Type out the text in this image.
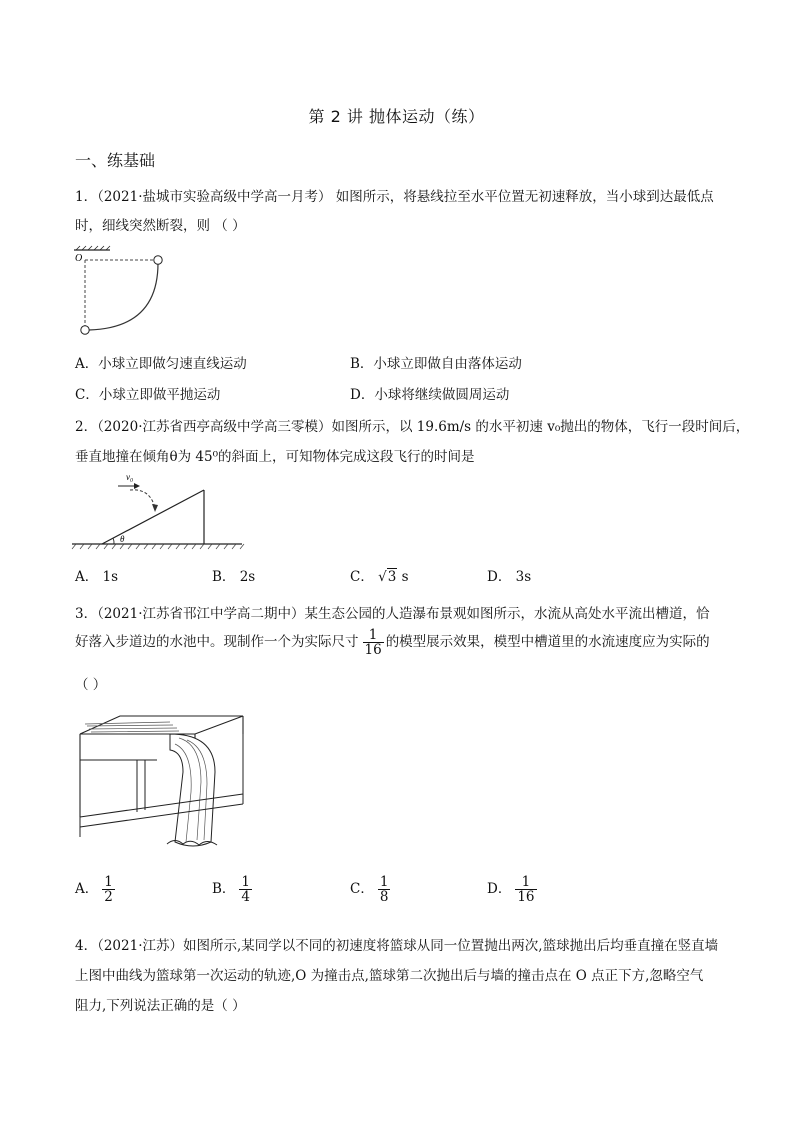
第 2 讲 抛体运动（练）
一、练基础
1．（2021·盐城市实验高级中学高一月考） 如图所示，将悬线拉至水平位置无初速释放，当小球到达最低点
时，细线突然断裂，则 （ ）
O
A．小球立即做匀速直线运动	B．小球立即做自由落体运动
C．小球立即做平抛运动	D．小球将继续做圆周运动
2．（2020·江苏省西亭高级中学高三零模）如图所示，以 19.6m/s 的水平初速 v₀抛出的物体，飞行一段时间后，
垂直地撞在倾角θ为 45⁰的斜面上，可知物体完成这段飞行的时间是
θ
v₀
A． 1s	B． 2s	C． √3 s	D． 3s
3．（2021·江苏省邗江中学高二期中）某生态公园的人造瀑布景观如图所示，水流从高处水平流出槽道，恰
好落入步道边的水池中。现制作一个为实际尺寸 $\frac{1}{16}$ 的模型展示效果，模型中槽道里的水流速度应为实际的
（ ）
A． $\frac{1}{2}$	B． $\frac{1}{4}$	C． $\frac{1}{8}$	D． $\frac{1}{16}$
4．（2021·江苏）如图所示,某同学以不同的初速度将篮球从同一位置抛出两次,篮球抛出后均垂直撞在竖直墙
上图中曲线为篮球第一次运动的轨迹,O 为撞击点,篮球第二次抛出后与墙的撞击点在 O 点正下方,忽略空气
阻力,下列说法正确的是（ ）
